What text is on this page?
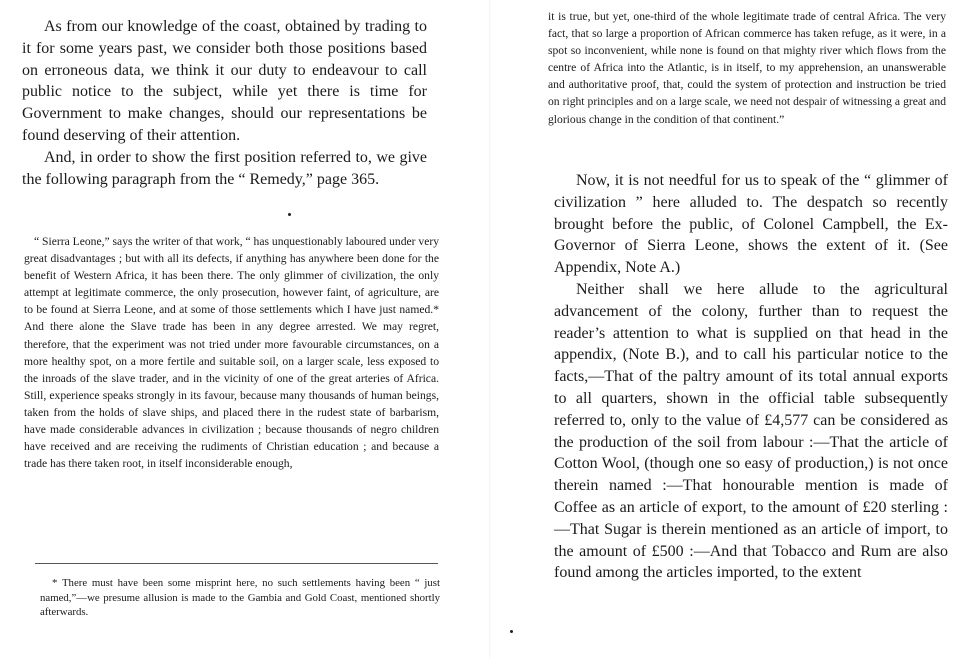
As from our knowledge of the coast, obtained by trading to it for some years past, we consider both those positions based on erroneous data, we think it our duty to endeavour to call public notice to the subject, while yet there is time for Government to make changes, should our representations be found deserving of their attention.

And, in order to show the first position referred to, we give the following paragraph from the “ Remedy,” page 365.

“ Sierra Leone,” says the writer of that work, “ has unquestionably laboured under very great disadvantages ; but with all its defects, if anything has anywhere been done for the benefit of Western Africa, it has been there. The only glimmer of civilization, the only attempt at legitimate commerce, the only prosecution, however faint, of agriculture, are to be found at Sierra Leone, and at some of those settlements which I have just named.* And there alone the Slave trade has been in any degree arrested. We may regret, therefore, that the experiment was not tried under more favourable circumstances, on a more healthy spot, on a more fertile and suitable soil, on a larger scale, less exposed to the inroads of the slave trader, and in the vicinity of one of the great arteries of Africa. Still, experience speaks strongly in its favour, because many thousands of human beings, taken from the holds of slave ships, and placed there in the rudest state of barbarism, have made considerable advances in civilization ; because thousands of negro children have received and are receiving the rudiments of Christian education ; and because a trade has there taken root, in itself inconsiderable enough,

* There must have been some misprint here, no such settlements having been “ just named,”—we presume allusion is made to the Gambia and Gold Coast, mentioned shortly afterwards.

it is true, but yet, one-third of the whole legitimate trade of central Africa. The very fact, that so large a proportion of African commerce has taken refuge, as it were, in a spot so inconvenient, while none is found on that mighty river which flows from the centre of Africa into the Atlantic, is in itself, to my apprehension, an unanswerable and authoritative proof, that, could the system of protection and instruction be tried on right principles and on a large scale, we need not despair of witnessing a great and glorious change in the condition of that continent.”

Now, it is not needful for us to speak of the “ glimmer of civilization ” here alluded to. The despatch so recently brought before the public, of Colonel Campbell, the Ex-Governor of Sierra Leone, shows the extent of it. (See Appendix, Note A.)

Neither shall we here allude to the agricultural advancement of the colony, further than to request the reader’s attention to what is supplied on that head in the appendix, (Note B.), and to call his particular notice to the facts,—That of the paltry amount of its total annual exports to all quarters, shown in the official table subsequently referred to, only to the value of £4,577 can be considered as the production of the soil from labour :—That the article of Cotton Wool, (though one so easy of production,) is not once therein named :—That honourable mention is made of Coffee as an article of export, to the amount of £20 sterling :—That Sugar is therein mentioned as an article of import, to the amount of £500 :—And that Tobacco and Rum are also found among the articles imported, to the extent
